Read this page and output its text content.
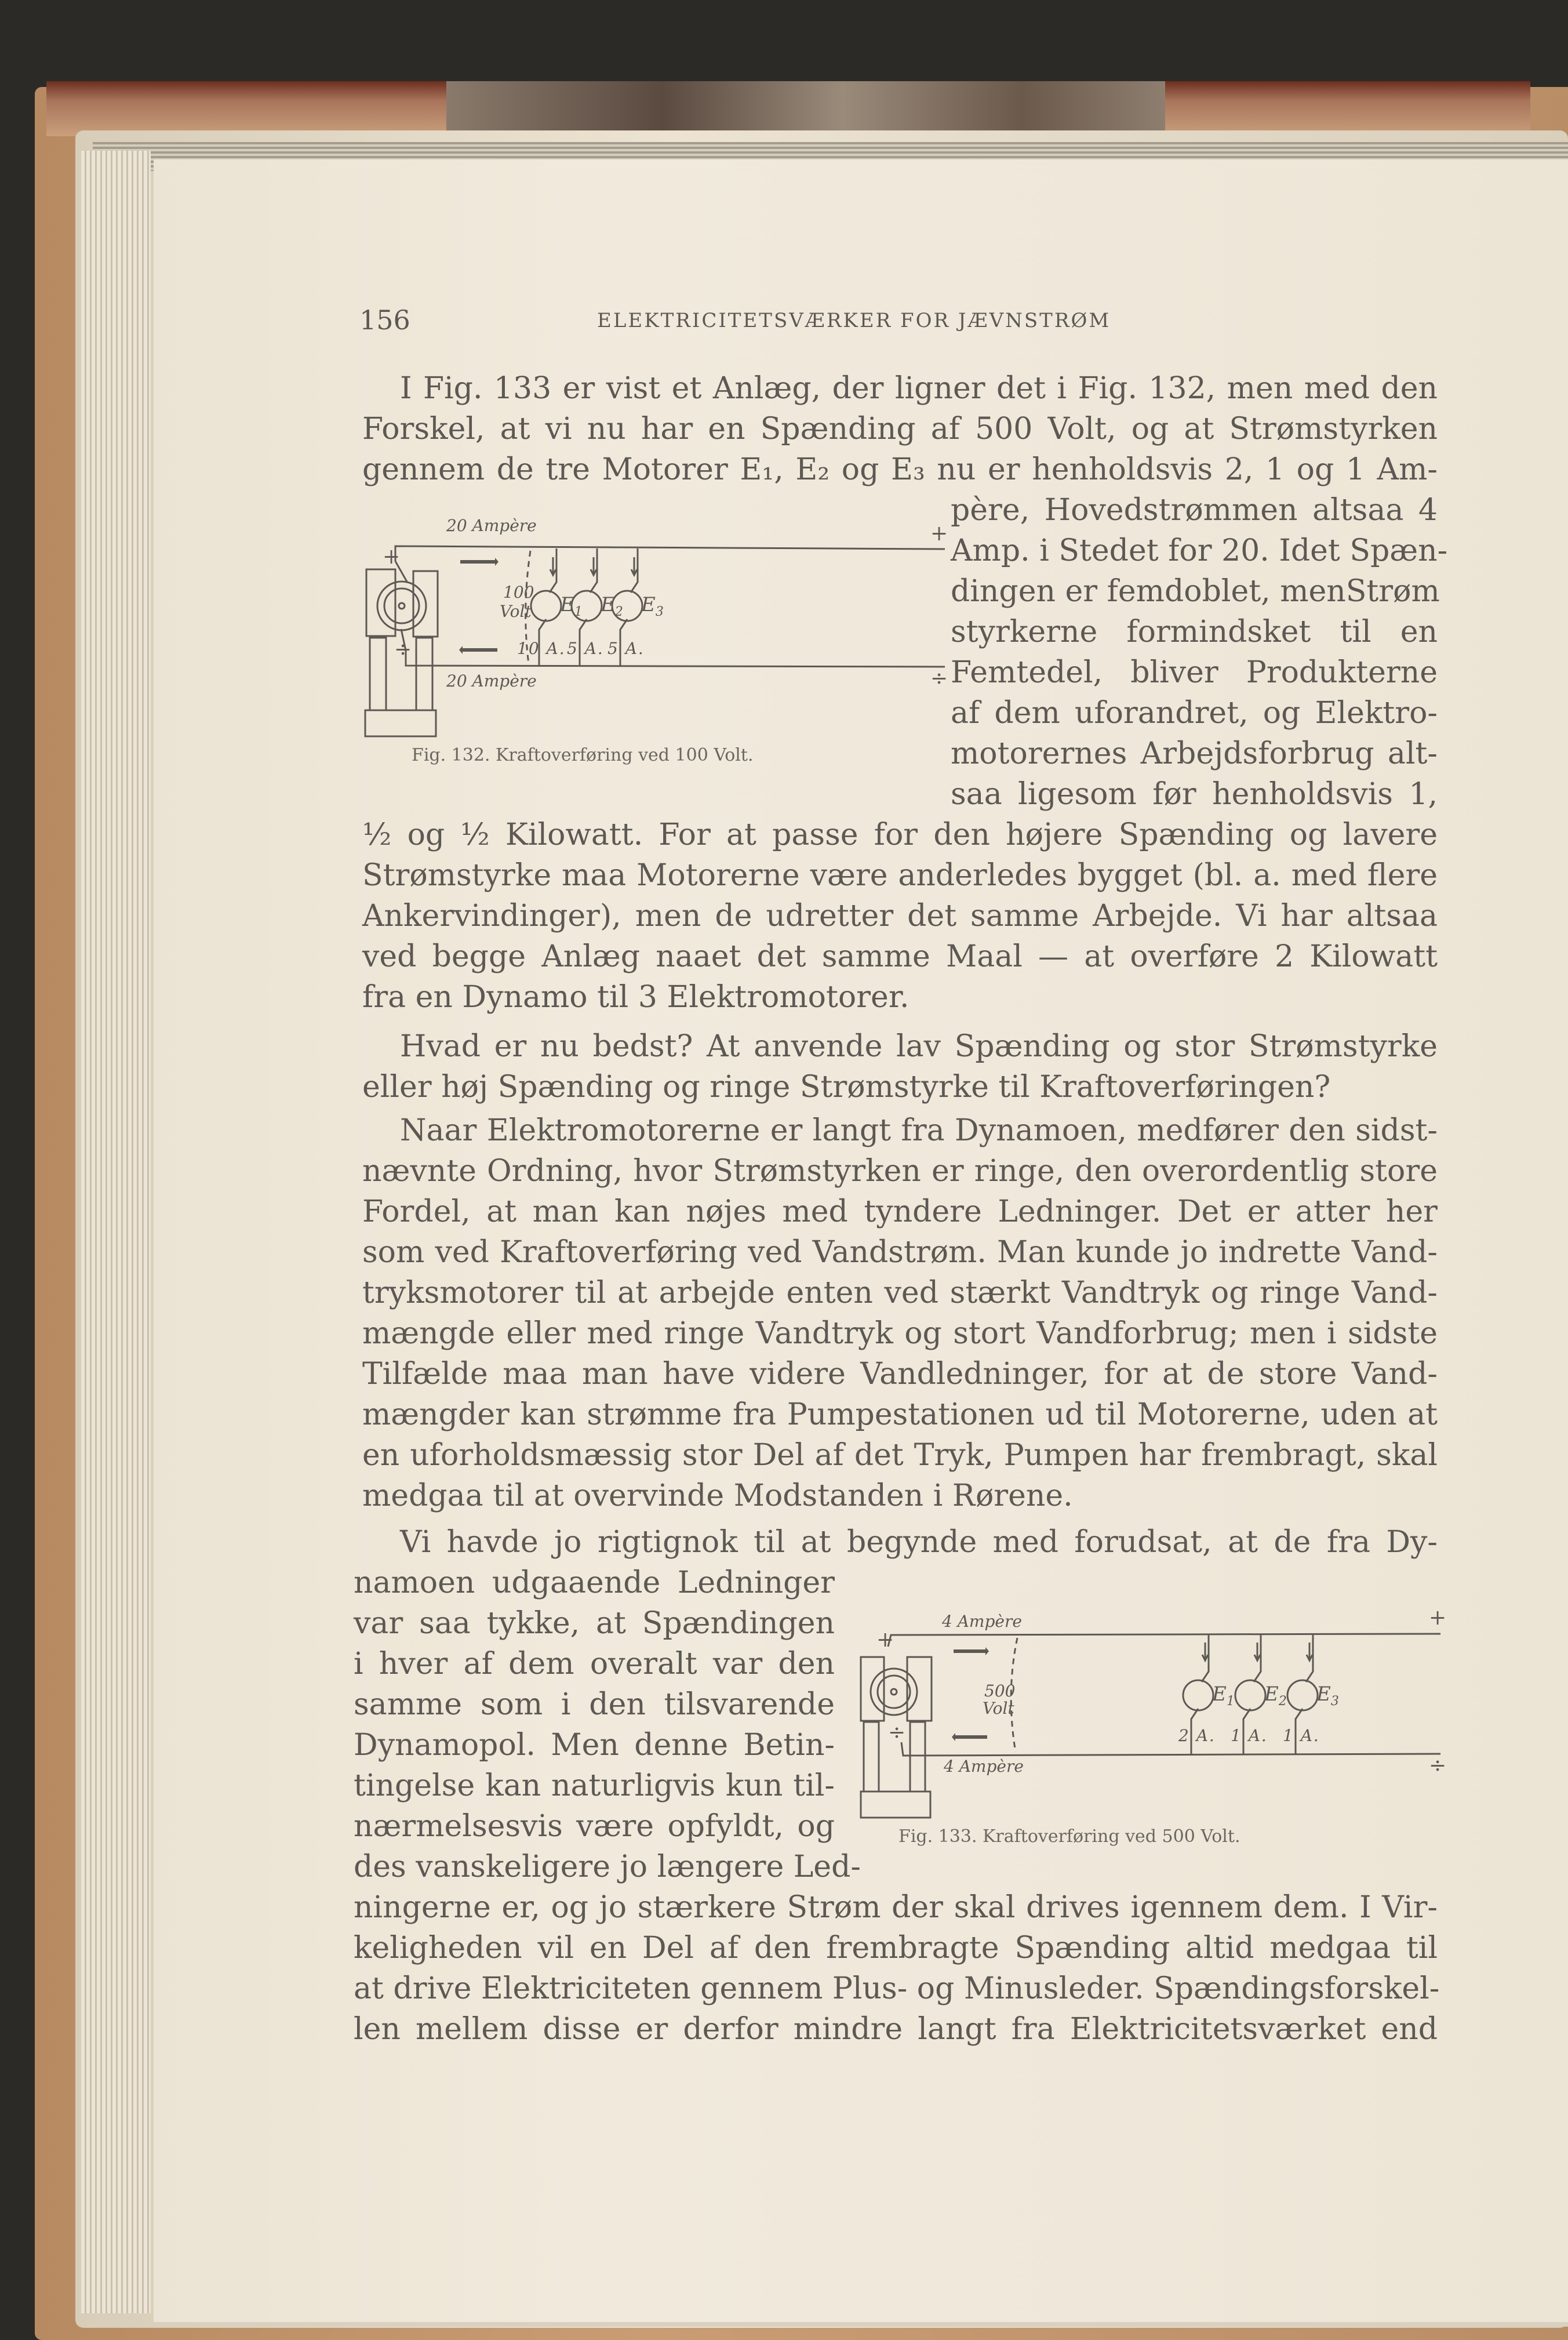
156	ELEKTRICITETSVÆRKER FOR JÆVNSTRØM
I Fig. 133 er vist et Anlæg, der ligner det i Fig. 132, men med den
Forskel, at vi nu har en Spænding af 500 Volt, og at Strømstyrken
gennem de tre Motorer E₁, E₂ og E₃ nu er henholdsvis 2, 1 og 1 Am-
père, Hovedstrømmen altsaa 4
Amp. i Stedet for 20. Idet Spæn-
dingen er femdoblet, menStrøm
styrkerne formindsket til en
Femtedel, bliver Produkterne
af dem uforandret, og Elektro-
motorernes Arbejdsforbrug alt-
saa ligesom før henholdsvis 1,
½ og ½ Kilowatt. For at passe for den højere Spænding og lavere
Strømstyrke maa Motorerne være anderledes bygget (bl. a. med flere
Ankervindinger), men de udretter det samme Arbejde. Vi har altsaa
ved begge Anlæg naaet det samme Maal — at overføre 2 Kilowatt
fra en Dynamo til 3 Elektromotorer.
Hvad er nu bedst? At anvende lav Spænding og stor Strømstyrke
eller høj Spænding og ringe Strømstyrke til Kraftoverføringen?
Naar Elektromotorerne er langt fra Dynamoen, medfører den sidst-
nævnte Ordning, hvor Strømstyrken er ringe, den overordentlig store
Fordel, at man kan nøjes med tyndere Ledninger. Det er atter her
som ved Kraftoverføring ved Vandstrøm. Man kunde jo indrette Vand-
tryksmotorer til at arbejde enten ved stærkt Vandtryk og ringe Vand-
mængde eller med ringe Vandtryk og stort Vandforbrug; men i sidste
Tilfælde maa man have videre Vandledninger, for at de store Vand-
mængder kan strømme fra Pumpestationen ud til Motorerne, uden at
en uforholdsmæssig stor Del af det Tryk, Pumpen har frembragt, skal
medgaa til at overvinde Modstanden i Rørene.
Vi havde jo rigtignok til at begynde med forudsat, at de fra Dy-
namoen udgaaende Ledninger
var saa tykke, at Spændingen
i hver af dem overalt var den
samme som i den tilsvarende
Dynamopol. Men denne Betin-
tingelse kan naturligvis kun til-
nærmelsesvis være opfyldt, og
des vanskeligere jo længere Led-
ningerne er, og jo stærkere Strøm der skal drives igennem dem. I Vir-
keligheden vil en Del af den frembragte Spænding altid medgaa til
at drive Elektriciteten gennem Plus- og Minusleder. Spændingsforskel-
len mellem disse er derfor mindre langt fra Elektricitetsværket end
+
÷
+
÷
20 Ampère
20 Ampère
100
Volt $E_1$
10 A.
$E_2$
5 A.
$E_3$
5 A.
Fig. 132. Kraftoverføring ved 100 Volt.
+
÷
+
÷
4 Ampère
4 Ampère
500
Volt
$E_1$
2 A.
$E_2$
1 A.
$E_3$
1 A.
Fig. 133. Kraftoverføring ved 500 Volt.
